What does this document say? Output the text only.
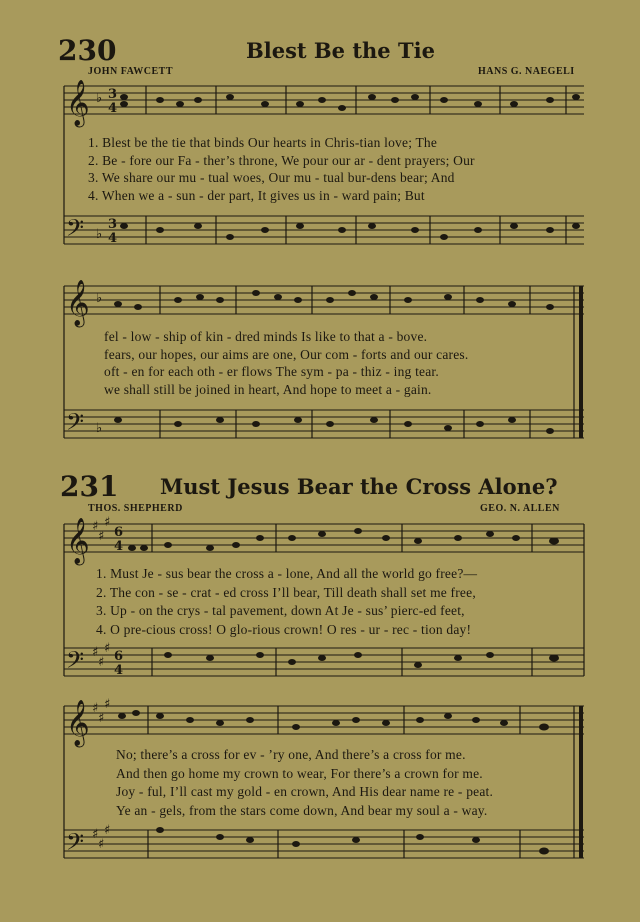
230	Blest Be the Tie
JOHN FAWCETT	HANS G. NAEGELI
𝄞
𝄢
♭
♭
3
4
3
4
1. Blest be the tie that binds Our hearts in Chris-tian love; The
2. Be - fore our Fa - ther’s throne, We pour our ar - dent prayers; Our
3. We share our mu - tual woes, Our mu - tual bur-dens bear; And
4. When we a - sun - der part, It gives us in - ward pain; But
𝄞
𝄢
♭
♭
fel - low - ship of kin - dred minds Is like to that a - bove.
fears, our hopes, our aims are one, Our com - forts and our cares.
oft - en for each oth - er flows The sym - pa - thiz - ing tear.
we shall still be joined in heart, And hope to meet a - gain.
231 Must Jesus Bear the Cross Alone?
THOS. SHEPHERD	GEO. N. ALLEN
𝄞
𝄢
♯
♯
♯
♯
♯
♯
6
4
6
4
1. Must Je - sus bear the cross a - lone, And all the world go free?—
2. The con - se - crat - ed cross I’ll bear, Till death shall set me free,
3. Up - on the crys - tal pavement, down At Je - sus’ pierc-ed feet,
4. O pre-cious cross! O glo-rious crown! O res - ur - rec - tion day!
𝄞
𝄢
♯
♯
♯
♯
♯
♯
No; there’s a cross for ev - ’ry one, And there’s a cross for me.
And then go home my crown to wear, For there’s a crown for me.
Joy - ful, I’ll cast my gold - en crown, And His dear name re - peat.
Ye an - gels, from the stars come down, And bear my soul a - way.
